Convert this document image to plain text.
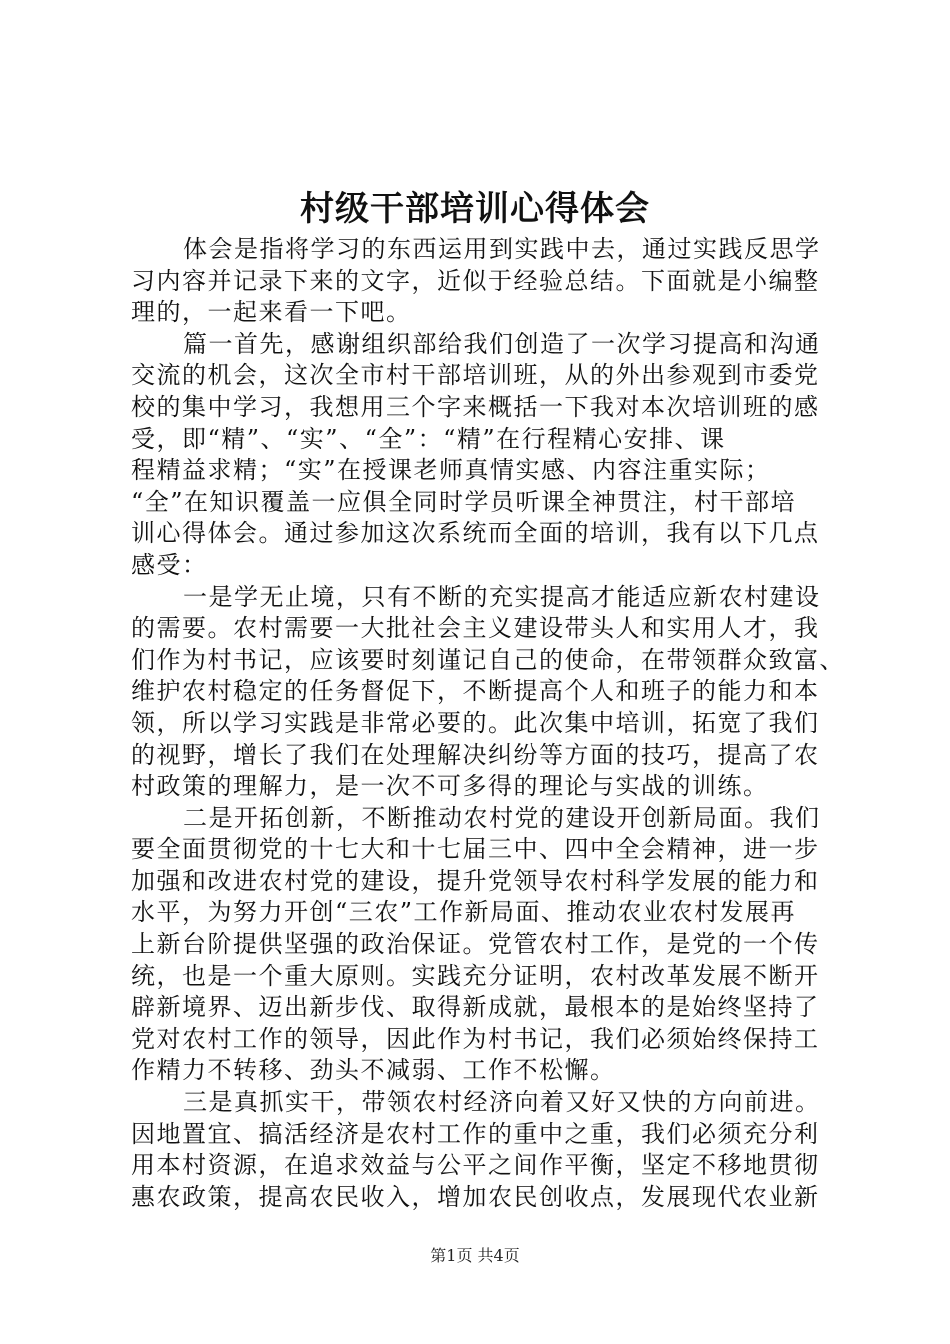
村级干部培训心得体会
体会是指将学习的东西运用到实践中去，通过实践反思学
习内容并记录下来的文字，近似于经验总结。下面就是小编整
理的，一起来看一下吧。
篇一首先，感谢组织部给我们创造了一次学习提高和沟通
交流的机会，这次全市村干部培训班，从的外出参观到市委党
校的集中学习，我想用三个字来概括一下我对本次培训班的感
受，即“精”、“实”、“全”：“精”在行程精心安排、课
程精益求精；“实”在授课老师真情实感、内容注重实际；
“全”在知识覆盖一应俱全同时学员听课全神贯注，村干部培
训心得体会。通过参加这次系统而全面的培训，我有以下几点
感受：
一是学无止境，只有不断的充实提高才能适应新农村建设
的需要。农村需要一大批社会主义建设带头人和实用人才，我
们作为村书记，应该要时刻谨记自己的使命，在带领群众致富、
维护农村稳定的任务督促下，不断提高个人和班子的能力和本
领，所以学习实践是非常必要的。此次集中培训，拓宽了我们
的视野，增长了我们在处理解决纠纷等方面的技巧，提高了农
村政策的理解力，是一次不可多得的理论与实战的训练。
二是开拓创新，不断推动农村党的建设开创新局面。我们
要全面贯彻党的十七大和十七届三中、四中全会精神，进一步
加强和改进农村党的建设，提升党领导农村科学发展的能力和
水平，为努力开创“三农”工作新局面、推动农业农村发展再
上新台阶提供坚强的政治保证。党管农村工作，是党的一个传
统，也是一个重大原则。实践充分证明，农村改革发展不断开
辟新境界、迈出新步伐、取得新成就，最根本的是始终坚持了
党对农村工作的领导，因此作为村书记，我们必须始终保持工
作精力不转移、劲头不减弱、工作不松懈。
三是真抓实干，带领农村经济向着又好又快的方向前进。
因地置宜、搞活经济是农村工作的重中之重，我们必须充分利
用本村资源，在追求效益与公平之间作平衡，坚定不移地贯彻
惠农政策，提高农民收入，增加农民创收点，发展现代农业新
第1页 共4页
